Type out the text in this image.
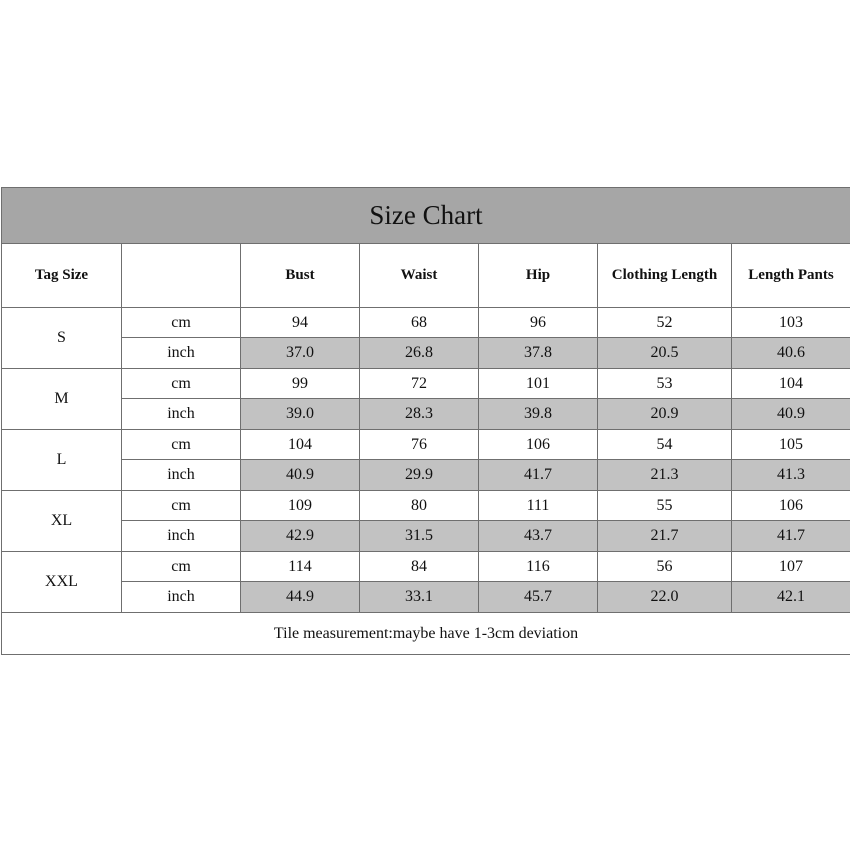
Size Chart						
Tag Size		Bust	Waist	Hip	Clothing Length	Length Pants
S	cm	94	68	96	52	103
	inch	37.0	26.8	37.8	20.5	40.6
M	cm	99	72	101	53	104
	inch	39.0	28.3	39.8	20.9	40.9
L	cm	104	76	106	54	105
	inch	40.9	29.9	41.7	21.3	41.3
XL	cm	109	80	111	55	106
	inch	42.9	31.5	43.7	21.7	41.7
XXL	cm	114	84	116	56	107
	inch	44.9	33.1	45.7	22.0	42.1
Tile measurement:maybe have 1-3cm deviation						
